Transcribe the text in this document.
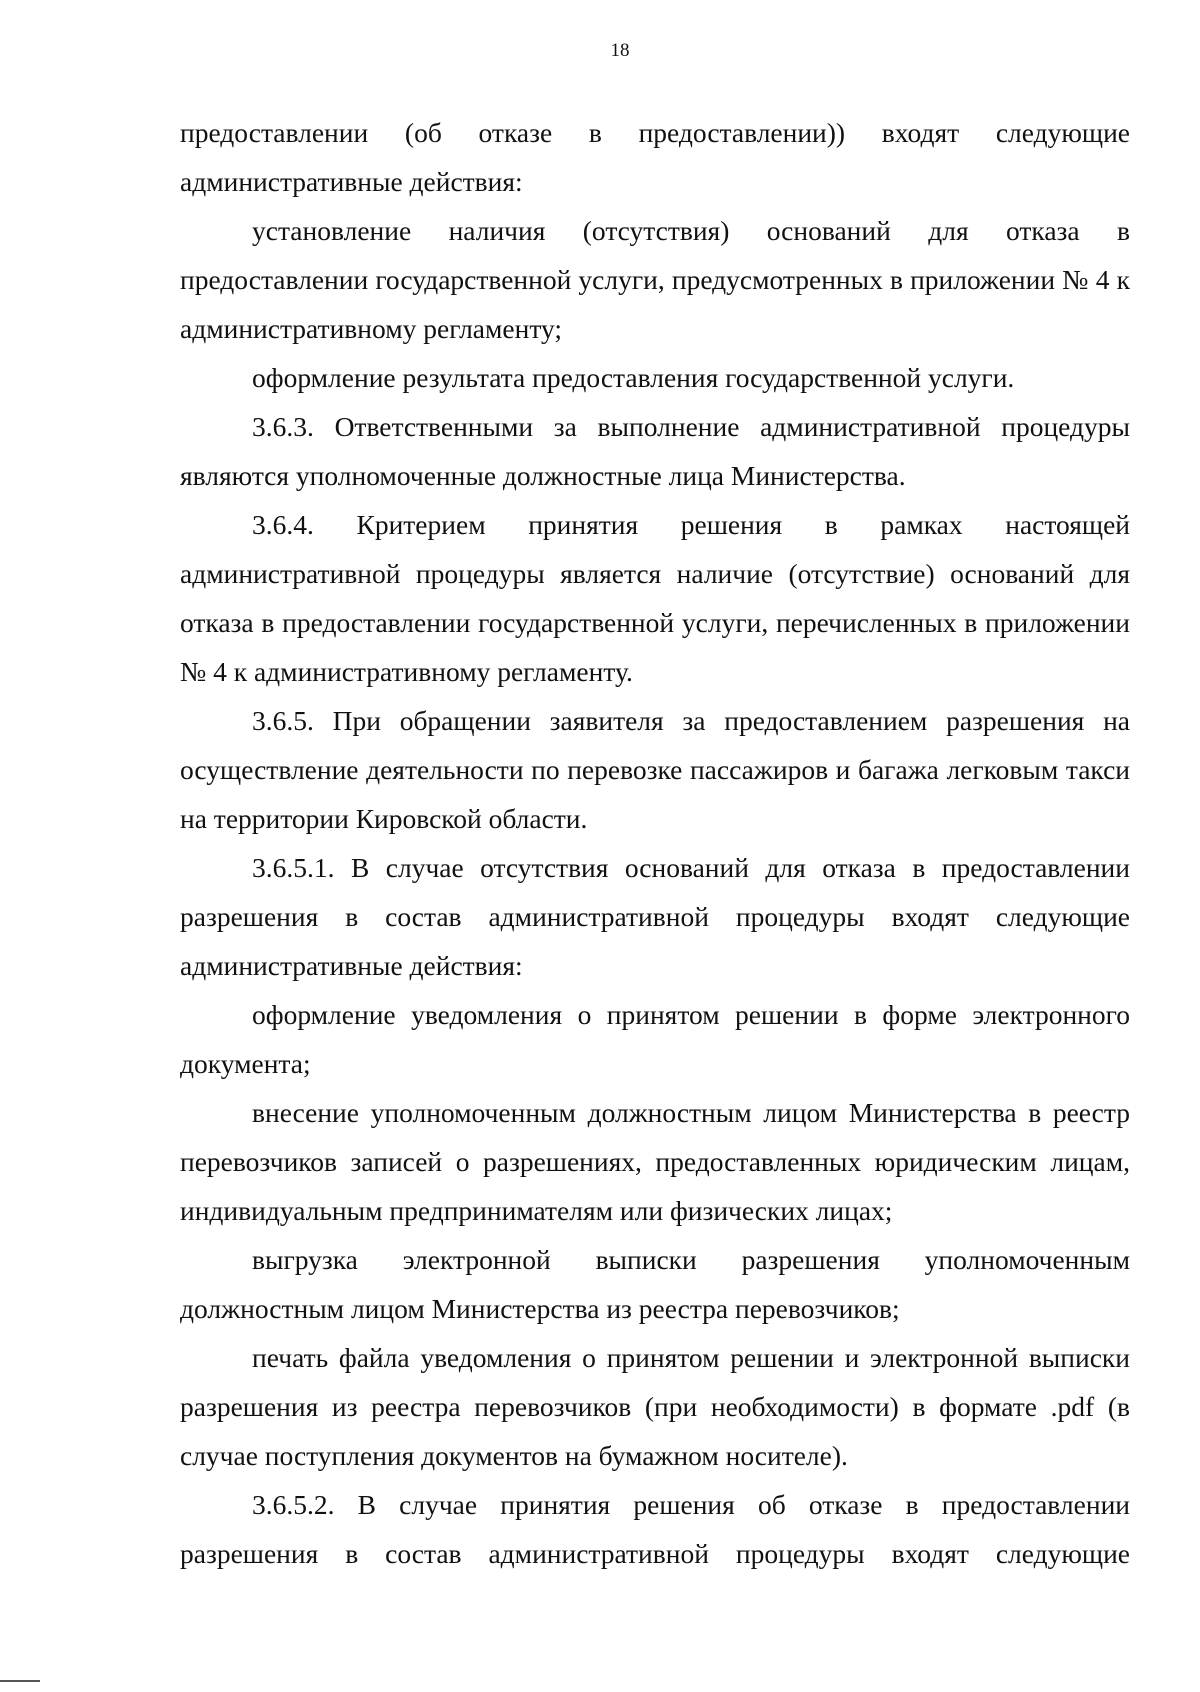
18

предоставлении (об отказе в предоставлении)) входят следующие административные действия:

установление наличия (отсутствия) оснований для отказа в предоставлении государственной услуги, предусмотренных в приложении № 4 к административному регламенту;

оформление результата предоставления государственной услуги.

3.6.3. Ответственными за выполнение административной процедуры являются уполномоченные должностные лица Министерства.

3.6.4. Критерием принятия решения в рамках настоящей административной процедуры является наличие (отсутствие) оснований для отказа в предоставлении государственной услуги, перечисленных в приложении № 4 к административному регламенту.

3.6.5. При обращении заявителя за предоставлением разрешения на осуществление деятельности по перевозке пассажиров и багажа легковым такси на территории Кировской области.

3.6.5.1. В случае отсутствия оснований для отказа в предоставлении разрешения в состав административной процедуры входят следующие административные действия:

оформление уведомления о принятом решении в форме электронного документа;

внесение уполномоченным должностным лицом Министерства в реестр перевозчиков записей о разрешениях, предоставленных юридическим лицам, индивидуальным предпринимателям или физических лицах;

выгрузка электронной выписки разрешения уполномоченным должностным лицом Министерства из реестра перевозчиков;

печать файла уведомления о принятом решении и электронной выписки разрешения из реестра перевозчиков (при необходимости) в формате .pdf (в случае поступления документов на бумажном носителе).

3.6.5.2. В случае принятия решения об отказе в предоставлении разрешения в состав административной процедуры входят следующие
